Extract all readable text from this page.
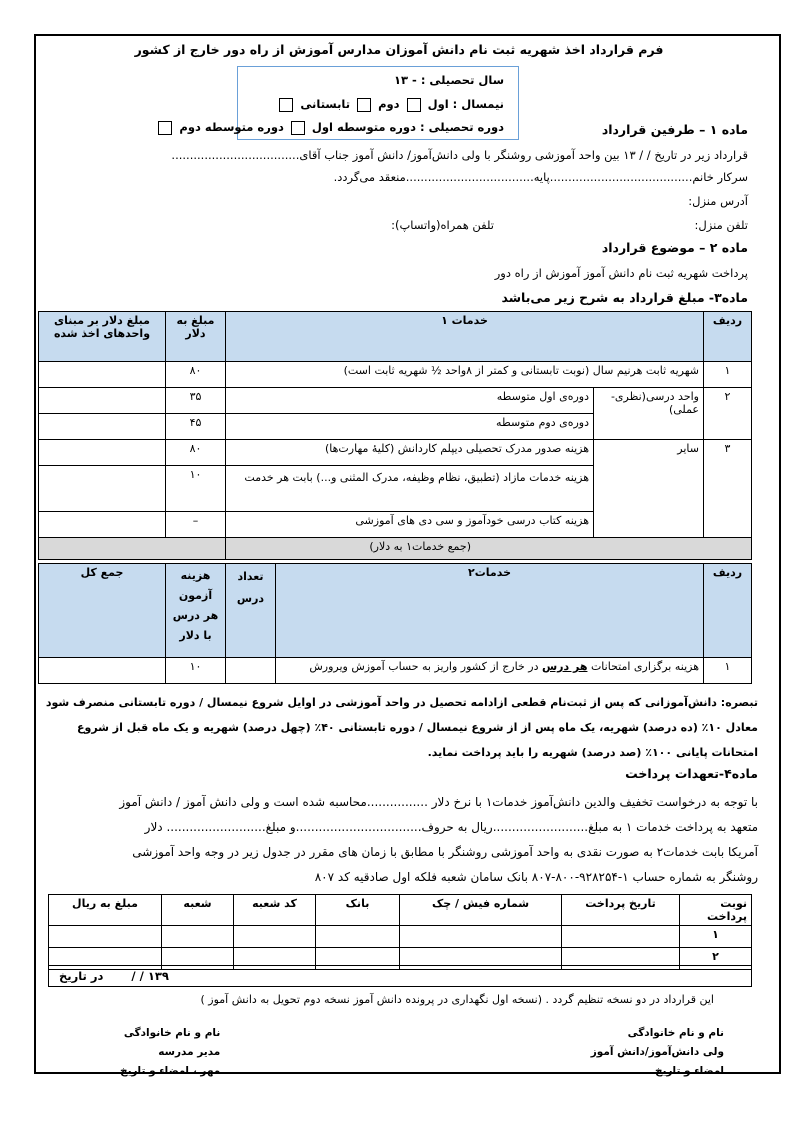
فرم قرارداد اخذ شهریه ثبت نام دانش آموزان مدارس آموزش از راه دور خارج از کشور
سال تحصیلی : - ۱۳
نیمسال : اول  دوم  تابستانی
دوره تحصیلی : دوره متوسطه اول  دوره متوسطه دوم	ماده ۱ – طرفین قرارداد
قرارداد زیر در تاریخ / / ۱۳ بین واحد آموزشی روشنگر با ولی دانش‌آموز/ دانش آموز جناب آقای...................................
سرکار خانم.......................................پایه...................................منعقد می‌گردد.
آدرس منزل:
تلفن منزل:
تلفن همراه(واتساپ):
ماده ۲ – موضوع قرارداد
پرداخت شهریه ثبت نام دانش آموز آموزش از راه دور
ماده۳- مبلغ قرارداد به شرح زیر می‌باشد
ردیف	خدمات ۱		مبلغ به دلار	مبلغ دلار بر مبنای واحدهای اخذ شده
۱	شهریه ثابت هرنیم سال (نوبت تابستانی و کمتر از ۸واحد ½ شهریه ثابت است)		۸۰	
۲	واحد درسی(نظری-عملی)	دوره‌ی اول متوسطه	۳۵	
		دوره‌ی دوم متوسطه	۴۵	
۳	سایر	هزینه صدور مدرک تحصیلی دیپلم کاردانش (کلیهٔ مهارت‌ها)	۸۰	
		هزینه خدمات مازاد (تطبیق، نظام وظیفه، مدرک المثنی و...) بابت هر خدمت	۱۰	
		هزینه کتاب درسی خودآموز و سی دی های آموزشی	–	
(جمع خدمات۱ به دلار)				
ردیف	خدمات۲	تعداد درس	هزینه آزمون هر درس با دلار	جمع کل
۱	هزینه برگزاری امتحانات هر درس در خارج از کشور واریز به حساب آموزش ویرورش		۱۰	
تبصره: دانش‌آموزانی که پس از ثبت‌نام قطعی ازادامه تحصیل در واحد آموزشی در اوایل شروع نیمسال / دوره تابستانی منصرف شود معادل ۱۰٪ (ده درصد) شهریه، یک ماه پس از از شروع نیمسال / دوره تابستانی ۴۰٪ (چهل درصد) شهریه و یک ماه قبل از شروع امتحانات پایانی ۱۰۰٪ (صد درصد) شهریه را باید پرداخت نماید.
ماده۴-تعهدات پرداخت
با توجه به درخواست تخفیف والدین دانش‌آموز خدمات۱ با نرخ دلار ................محاسبه شده است و ولی دانش آموز / دانش آموز
متعهد به پرداخت خدمات ۱ به مبلغ.........................ریال به حروف.................................و مبلغ.......................... دلار
آمریکا بابت خدمات۲ به صورت نقدی به واحد آموزشی روشنگر با مطابق با زمان های مقرر در جدول زیر در وجه واحد آموزشی
روشنگر به شماره حساب ۱-۹۲۸۲۵۴-۸۰۰-۸۰۷ بانک سامان شعبه فلکه اول صادقیه کد ۸۰۷
نوبت پرداخت	تاریخ پرداخت	شماره فیش / چک	بانک	کد شعبه	شعبه	مبلغ به ریال
۱						
۲						
۱۳۹ / / در تاریخ
این قرارداد در دو نسخه تنظیم گردد . (نسخه اول نگهداری در پرونده دانش آموز نسخه دوم تحویل به دانش آموز )
نام و نام خانوادگی
ولی دانش‌آموز/دانش آموز
امضاء و تاریخ
نام و نام خانوادگی
مدیر مدرسه
مهر ، امضاء و تاریخ
